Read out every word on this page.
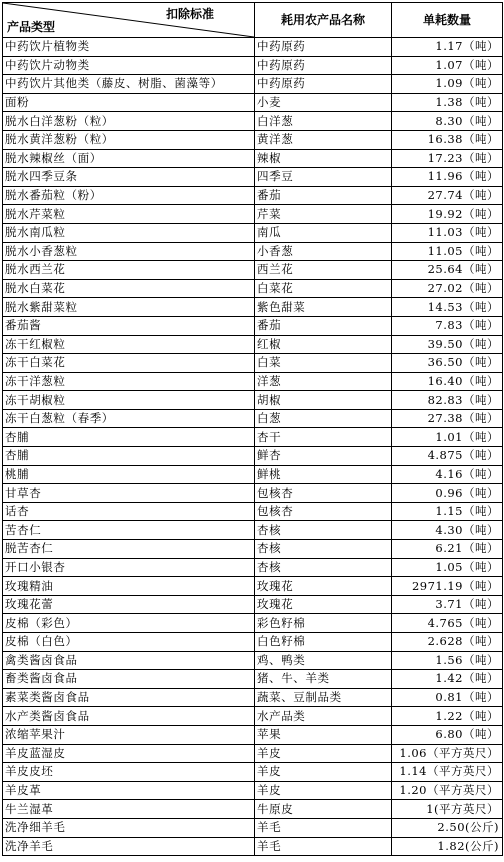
扣除标准
产品类型	耗用农产品名称	单耗数量
中药饮片植物类	中药原药	1.17（吨）
中药饮片动物类	中药原药	1.07（吨）
中药饮片其他类（藤皮、树脂、菌藻等）	中药原药	1.09（吨）
面粉	小麦	1.38（吨）
脱水白洋葱粉（粒）	白洋葱	8.30（吨）
脱水黄洋葱粉（粒）	黄洋葱	16.38（吨）
脱水辣椒丝（面）	辣椒	17.23（吨）
脱水四季豆条	四季豆	11.96（吨）
脱水番茄粒（粉）	番茄	27.74（吨）
脱水芹菜粒	芹菜	19.92（吨）
脱水南瓜粒	南瓜	11.03（吨）
脱水小香葱粒	小香葱	11.05（吨）
脱水西兰花	西兰花	25.64（吨）
脱水白菜花	白菜花	27.02（吨）
脱水紫甜菜粒	紫色甜菜	14.53（吨）
番茄酱	番茄	7.83（吨）
冻干红椒粒	红椒	39.50（吨）
冻干白菜花	白菜	36.50（吨）
冻干洋葱粒	洋葱	16.40（吨）
冻干胡椒粒	胡椒	82.83（吨）
冻干白葱粒（春季）	白葱	27.38（吨）
杏脯	杏干	1.01（吨）
杏脯	鲜杏	4.875（吨）
桃脯	鲜桃	4.16（吨）
甘草杏	包核杏	0.96（吨）
话杏	包核杏	1.15（吨）
苦杏仁	杏核	4.30（吨）
脱苦杏仁	杏核	6.21（吨）
开口小银杏	杏核	1.05（吨）
玫瑰精油	玫瑰花	2971.19（吨）
玫瑰花蕾	玫瑰花	3.71（吨）
皮棉（彩色）	彩色籽棉	4.765（吨）
皮棉（白色）	白色籽棉	2.628（吨）
禽类酱卤食品	鸡、鸭类	1.56（吨）
畜类酱卤食品	猪、牛、羊类	1.42（吨）
素菜类酱卤食品	蔬菜、豆制品类	0.81（吨）
水产类酱卤食品	水产品类	1.22（吨）
浓缩苹果汁	苹果	6.80（吨）
羊皮蓝湿皮	羊皮	1.06（平方英尺）
羊皮皮坯	羊皮	1.14（平方英尺）
羊皮革	羊皮	1.20（平方英尺）
牛兰湿革	牛原皮	1(平方英尺）
洗净细羊毛	羊毛	2.50(公斤)
洗净羊毛	羊毛	1.82(公斤)
